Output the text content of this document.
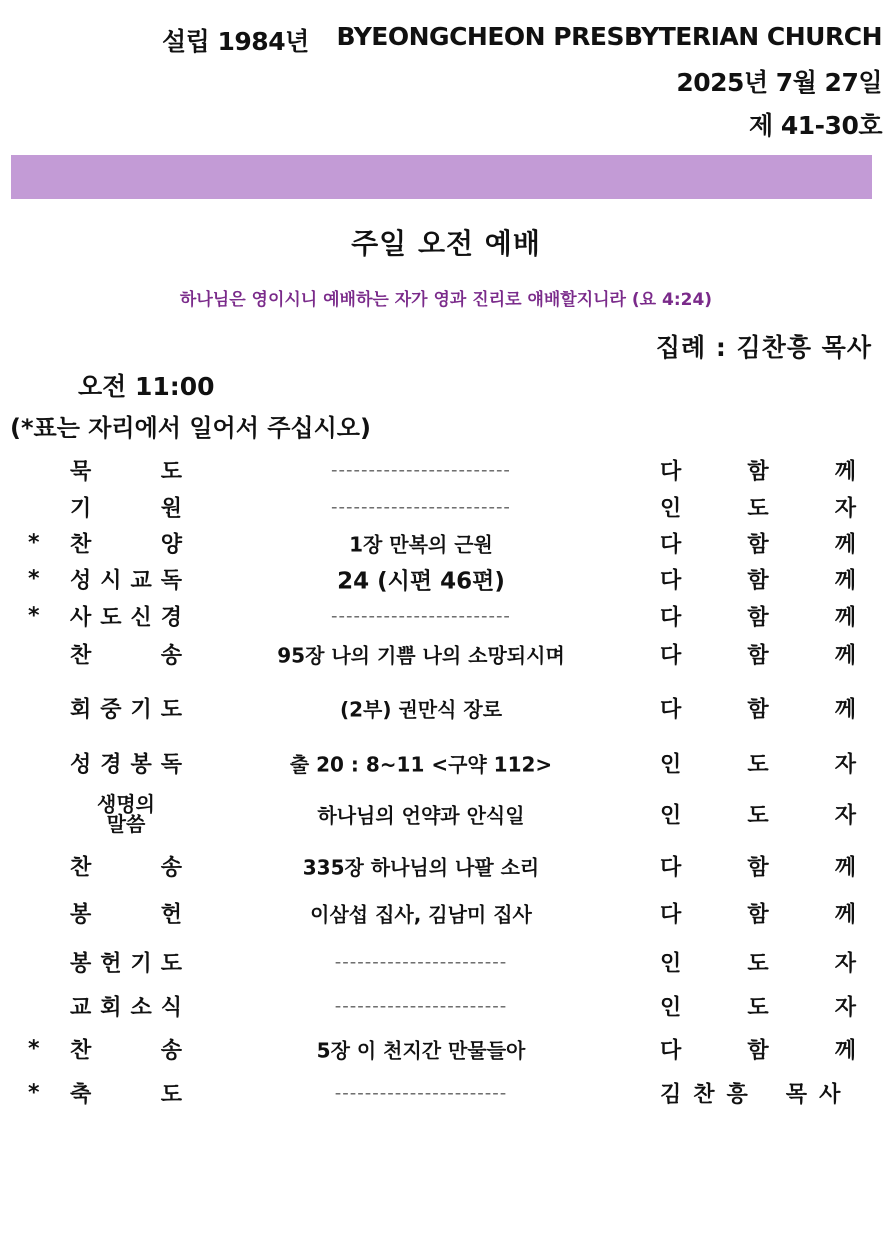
설립 1984년 BYEONGCHEON PRESBYTERIAN CHURCH
2025년 7월 27일
제 41-30호
주일 오전 예배
하나님은 영이시니 예배하는 자가 영과 진리로 얘배할지니라 (요 4:24)
집례 : 김찬흥 목사
오전 11:00
(*표는 자리에서 일어서 주십시오)
묵	도	------------------------	다	함	께
기	원	------------------------	인	도	자
* 찬	양	1장 만복의 근원	다	함	께
* 성 시 교 독	24 (시편 46편)	다	함	께
* 사 도 신 경	------------------------	다	함	께
찬	송	95장 나의 기쁨 나의 소망되시며	다	함	께
회 중 기 도	(2부) 권만식 장로	다	함	께
성 경 봉 독	출 20 : 8~11 <구약 112>	인	도	자
생명의
말씀	하나님의 언약과 안식일	인	도	자
찬	송	335장 하나님의 나팔 소리	다	함	께
봉	헌	이삼섭 집사, 김남미 집사	다	함	께
봉 헌 기 도	-----------------------	인	도	자
교 회 소 식	-----------------------	인	도	자
* 찬	송	5장 이 천지간 만물들아	다	함	께
* 축	도	-----------------------	김 찬 흥 목 사
